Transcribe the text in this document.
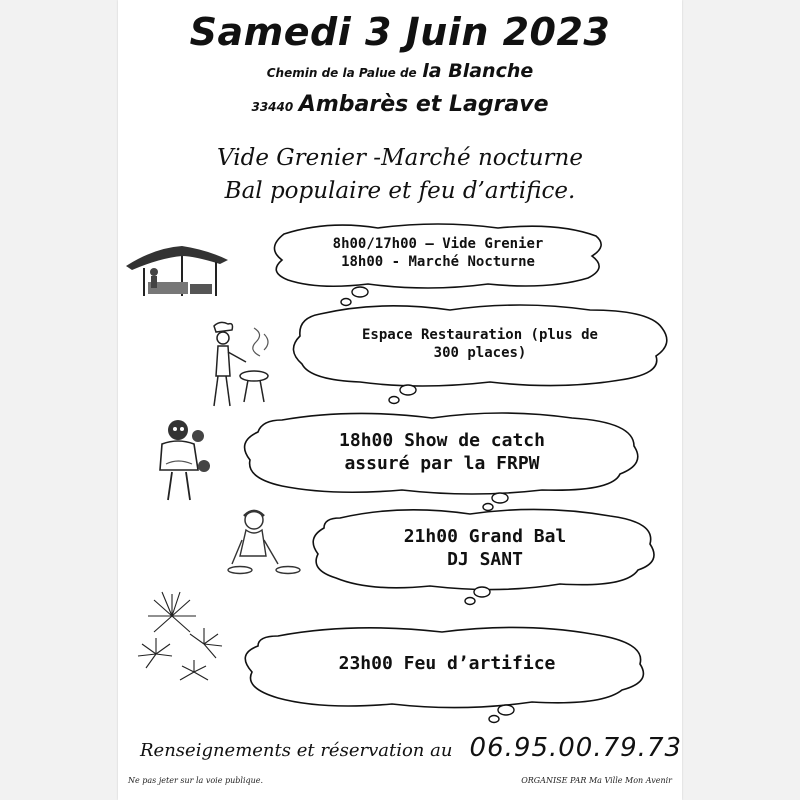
Samedi 3 Juin 2023
Chemin de la Palue de la Blanche
33440 Ambarès et Lagrave
Vide Grenier -Marché nocturne
Bal populaire et feu d’artifice.
8h00/17h00 – Vide Grenier
18h00 - Marché Nocturne
Espace Restauration (plus de
300 places)
18h00 Show de catch
assuré par la FRPW
21h00 Grand Bal
DJ SANT
23h00 Feu d’artifice
Renseignements et réservation au 06.95.00.79.73
Ne pas jeter sur la voie publique.	ORGANISE PAR Ma Ville Mon Avenir
